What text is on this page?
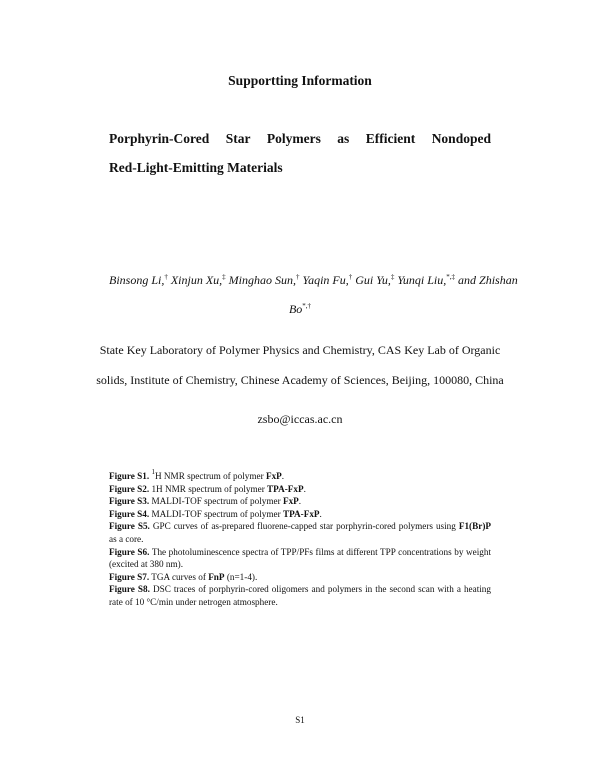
Supportting Information
Porphyrin-Cored Star Polymers as Efficient Nondoped
Red-Light-Emitting Materials
Binsong Li,† Xinjun Xu,‡ Minghao Sun,† Yaqin Fu,† Gui Yu,‡ Yunqi Liu,*,‡ and Zhishan
Bo*,†
State Key Laboratory of Polymer Physics and Chemistry, CAS Key Lab of Organic
solids, Institute of Chemistry, Chinese Academy of Sciences, Beijing, 100080, China
zsbo@iccas.ac.cn
Figure S1. $^1$H NMR spectrum of polymer FxP.
Figure S2. 1H NMR spectrum of polymer TPA-FxP.
Figure S3. MALDI-TOF spectrum of polymer FxP.
Figure S4. MALDI-TOF spectrum of polymer TPA-FxP.
Figure S5. GPC curves of as-prepared fluorene-capped star porphyrin-cored polymers using F1(Br)P as a core.
Figure S6. The photoluminescence spectra of TPP/PFs films at different TPP concentrations by weight (excited at 380 nm).
Figure S7. TGA curves of FnP (n=1-4).
Figure S8. DSC traces of porphyrin-cored oligomers and polymers in the second scan with a heating rate of 10 °C/min under netrogen atmosphere.
S1
